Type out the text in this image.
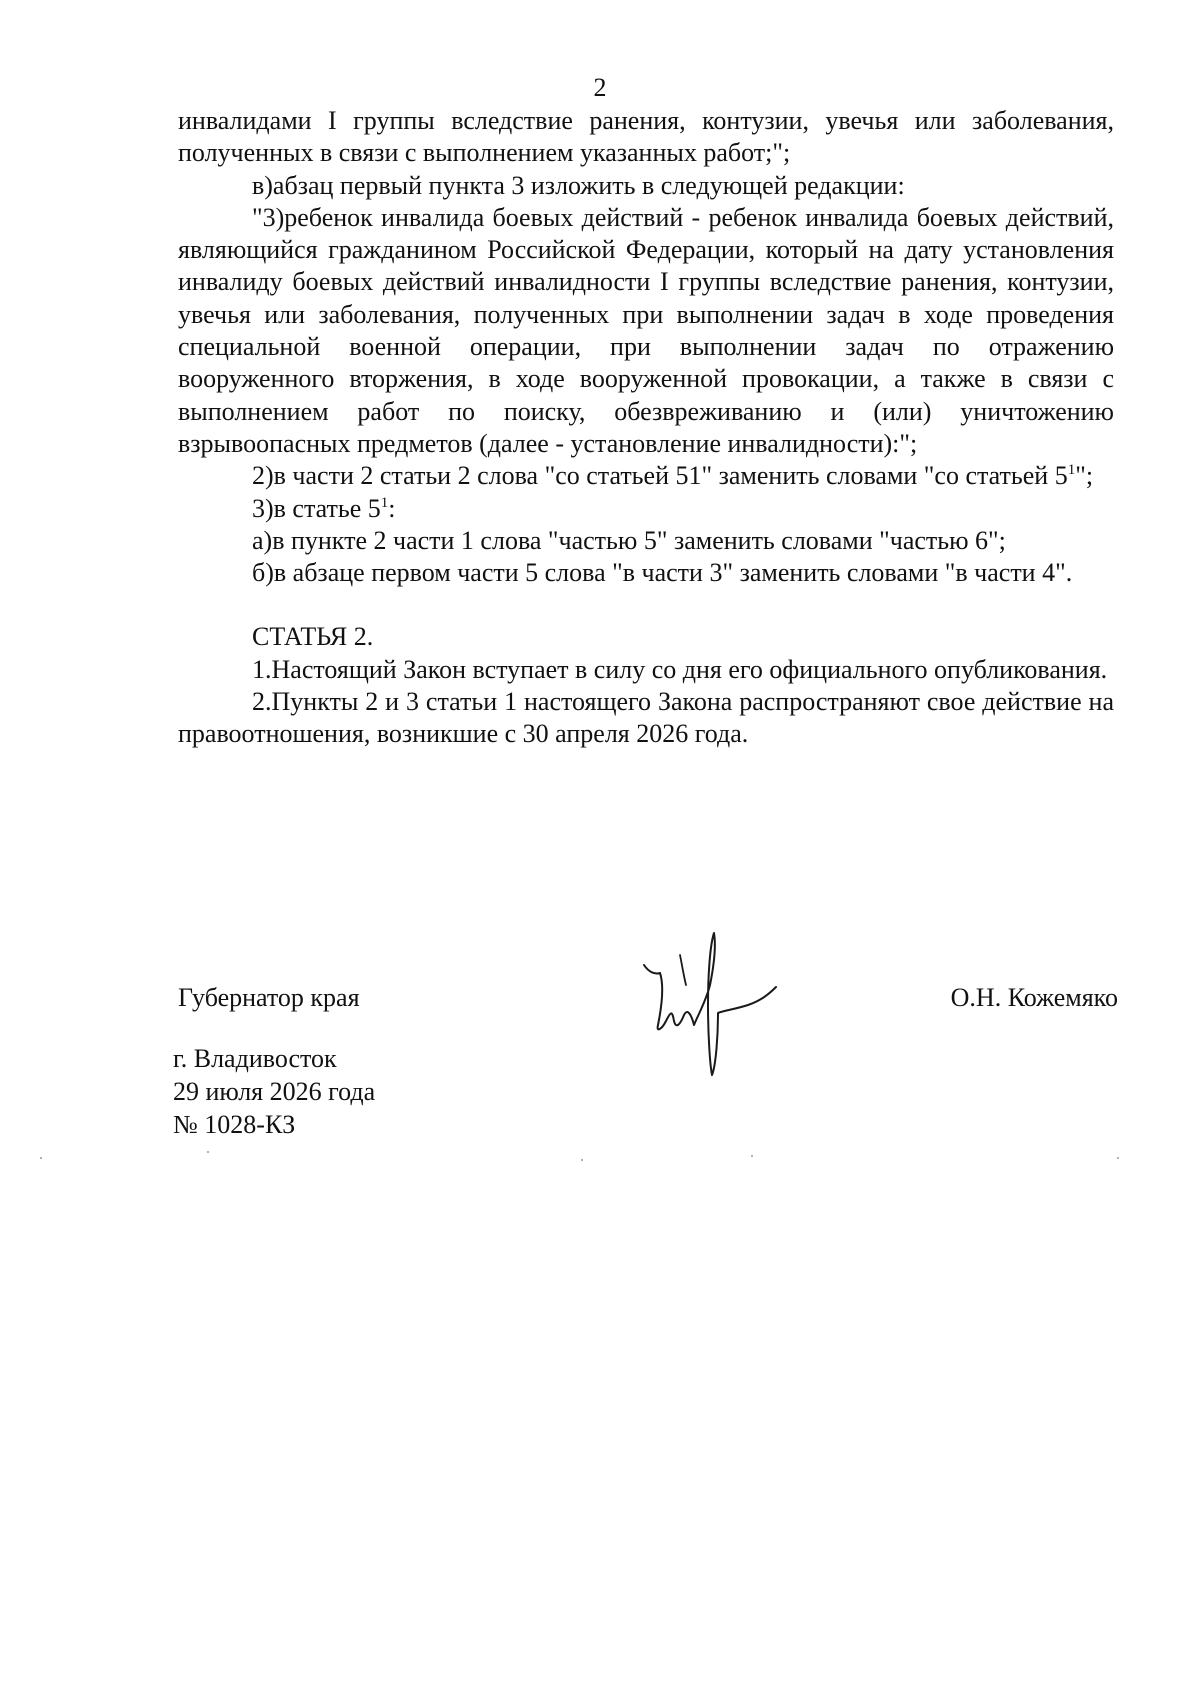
2

инвалидами I группы вследствие ранения, контузии, увечья или заболевания, полученных в связи с выполнением указанных работ;";

в)абзац первый пункта 3 изложить в следующей редакции:

"3)ребенок инвалида боевых действий - ребенок инвалида боевых действий, являющийся гражданином Российской Федерации, который на дату установления инвалиду боевых действий инвалидности I группы вследствие ранения, контузии, увечья или заболевания, полученных при выполнении задач в ходе проведения специальной военной операции, при выполнении задач по отражению вооруженного вторжения, в ходе вооруженной провокации, а также в связи с выполнением работ по поиску, обезвреживанию и (или) уничтожению взрывоопасных предметов (далее - установление инвалидности):";

2)в части 2 статьи 2 слова "со статьей 51" заменить словами "со статьей $5^1$";

3)в статье $5^1$:

а)в пункте 2 части 1 слова "частью 5" заменить словами "частью 6";

б)в абзаце первом части 5 слова "в части 3" заменить словами "в части 4".

СТАТЬЯ 2.

1.Настоящий Закон вступает в силу со дня его официального опубликования.

2.Пункты 2 и 3 статьи 1 настоящего Закона распространяют свое действие на правоотношения, возникшие с 30 апреля 2026 года.

Губернатор края	О.Н. Кожемяко
г. Владивосток
29 июля 2026 года
№ 1028-КЗ
